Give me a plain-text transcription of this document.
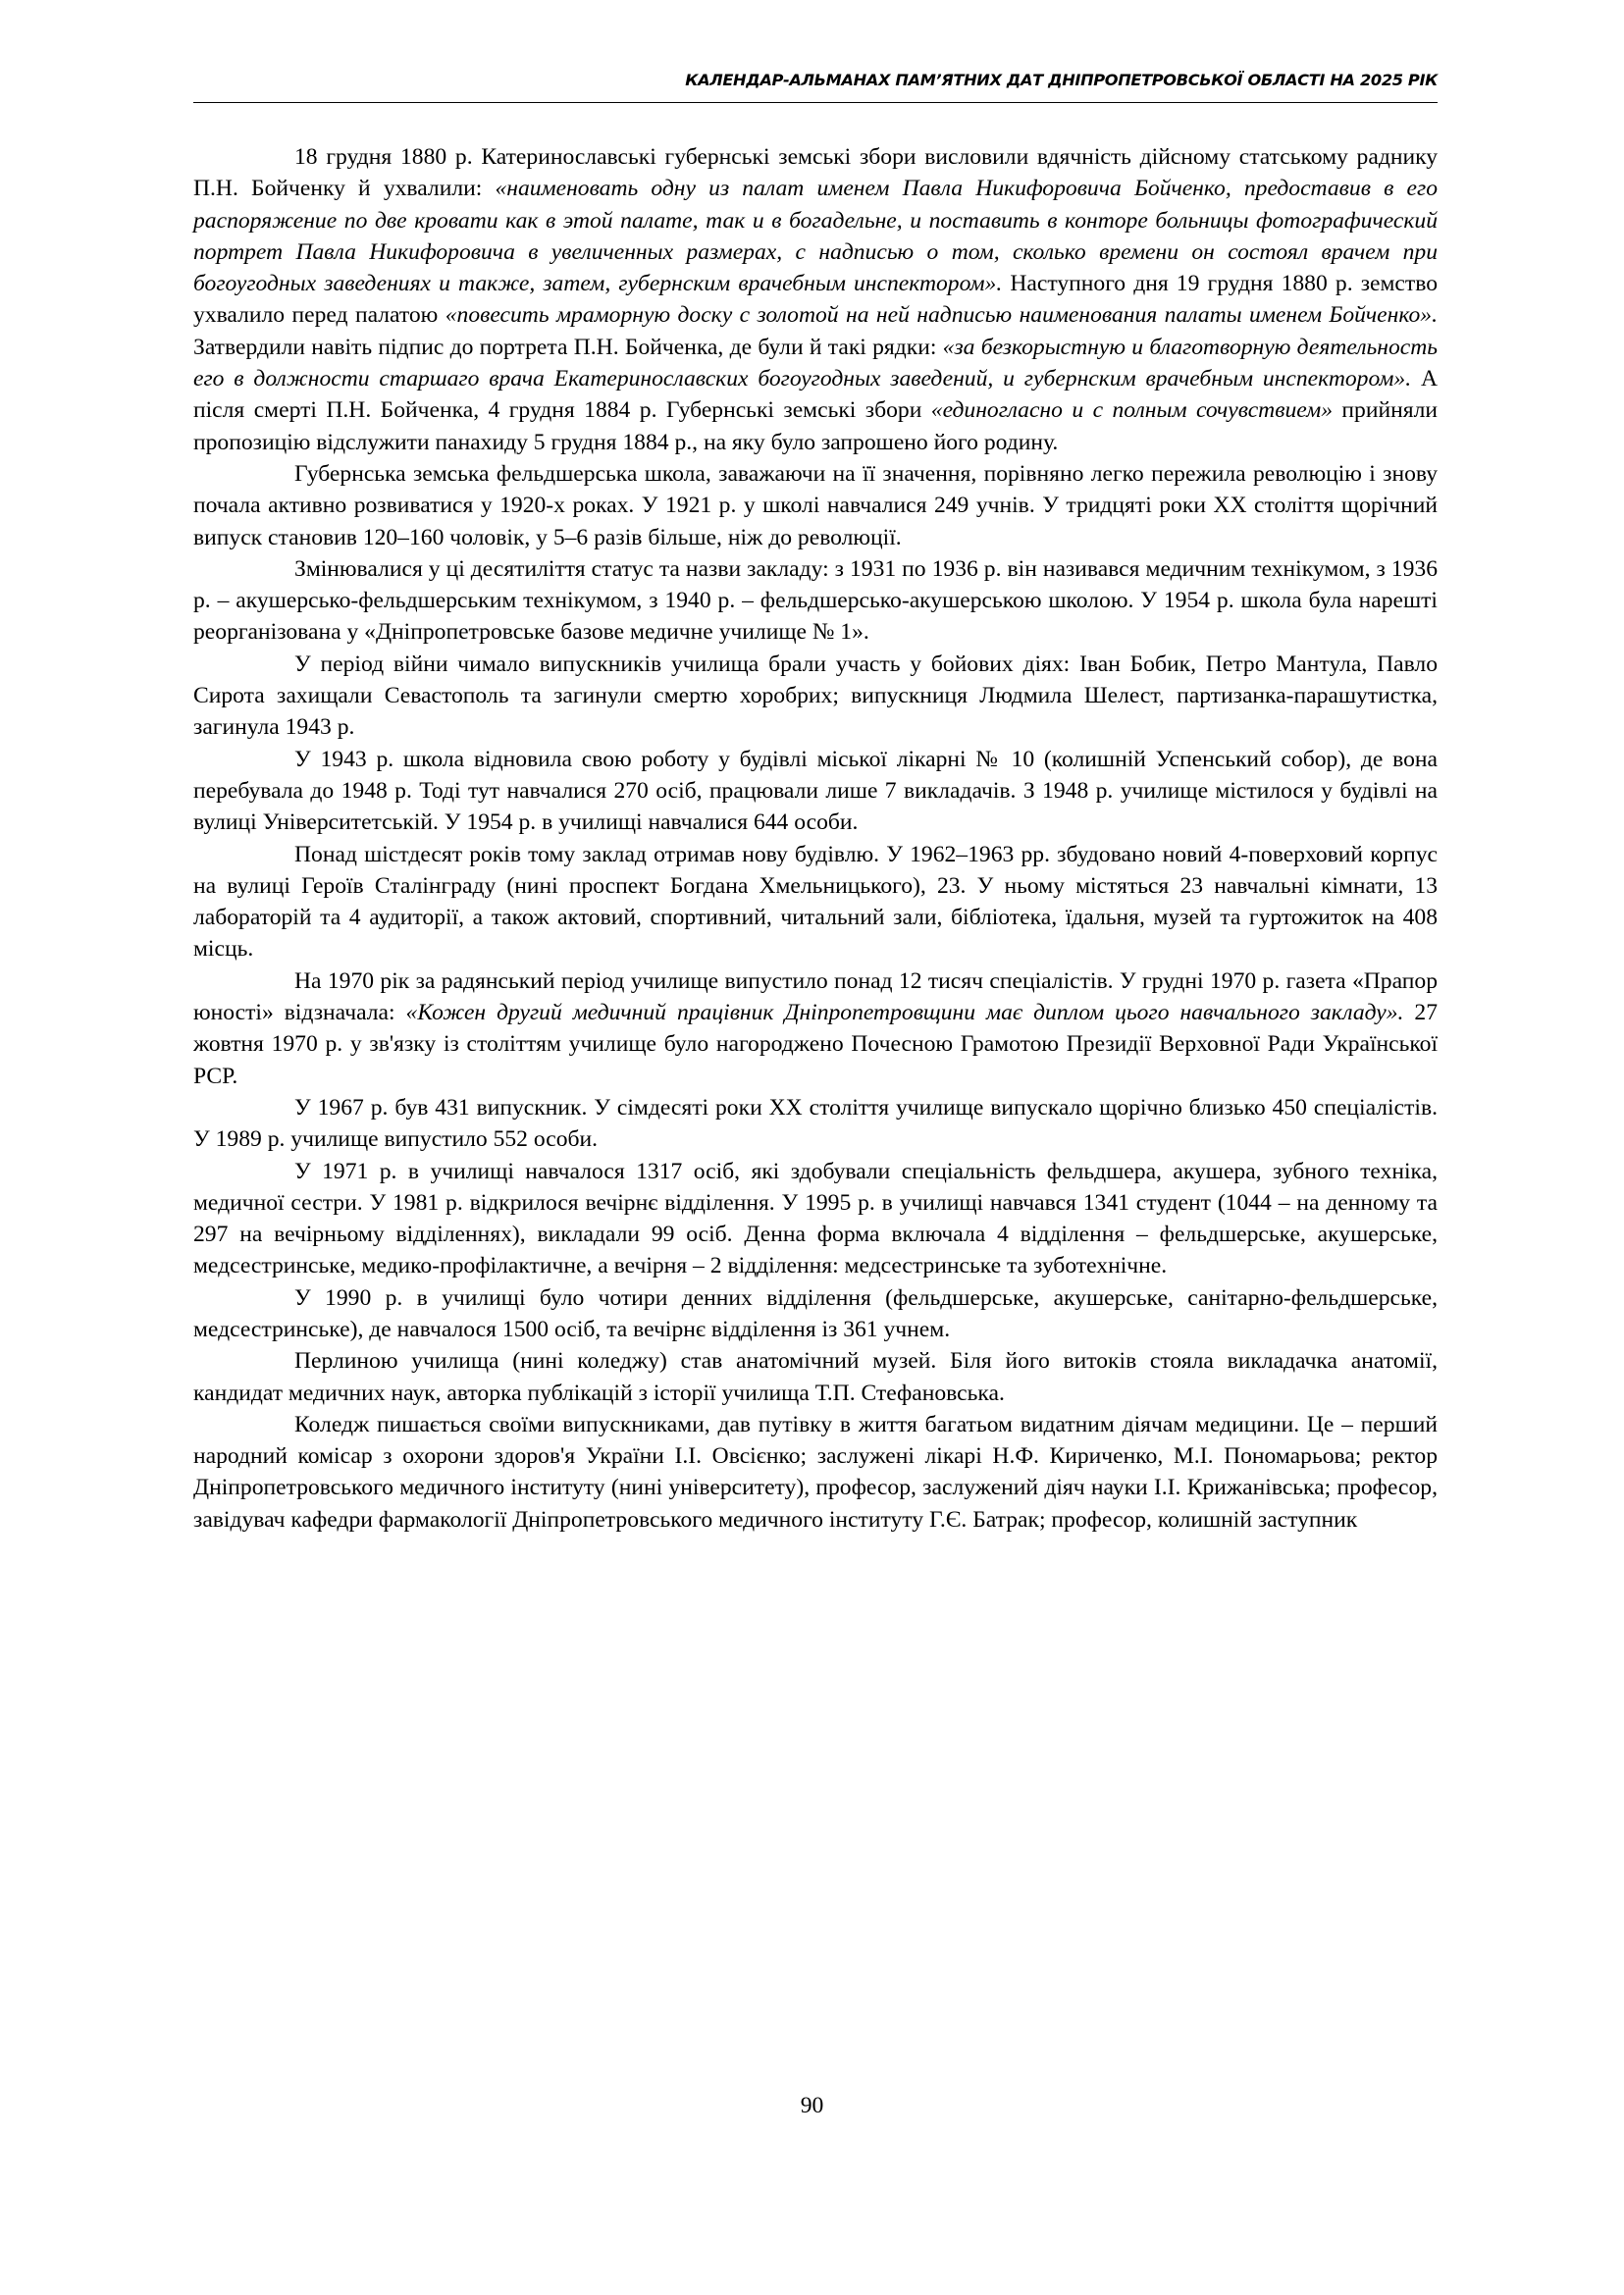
КАЛЕНДАР-АЛЬМАНАХ ПАМ’ЯТНИХ ДАТ ДНІПРОПЕТРОВСЬКОЇ ОБЛАСТІ НА 2025 РІК

18 грудня 1880 р. Катеринославські губернські земські збори висловили вдячність дійсному статському раднику П.Н. Бойченку й ухвалили: «наименовать одну из палат именем Павла Никифоровича Бойченко, предоставив в его распоряжение по две кровати как в этой палате, так и в богадельне, и поставить в конторе больницы фотографический портрет Павла Никифоровича в увеличенных размерах, с надписью о том, сколько времени он состоял врачем при богоугодных заведениях и также, затем, губернским врачебным инспектором». Наступного дня 19 грудня 1880 р. земство ухвалило перед палатою «повесить мраморную доску с золотой на ней надписью наименования палаты именем Бойченко». Затвердили навіть підпис до портрета П.Н. Бойченка, де були й такі рядки: «за безкорыстную и благотворную деятельность его в должности старшаго врача Екатеринославских богоугодных заведений, и губернским врачебным инспектором». А після смерті П.Н. Бойченка, 4 грудня 1884 р. Губернські земські збори «единогласно и с полным сочувствием» прийняли пропозицію відслужити панахиду 5 грудня 1884 р., на яку було запрошено його родину.

Губернська земська фельдшерська школа, заважаючи на її значення, порівняно легко пережила революцію і знову почала активно розвиватися у 1920-х роках. У 1921 р. у школі навчалися 249 учнів. У тридцяті роки XX століття щорічний випуск становив 120–160 чоловік, у 5–6 разів більше, ніж до революції.

Змінювалися у ці десятиліття статус та назви закладу: з 1931 по 1936 р. він називався медичним технікумом, з 1936 р. – акушерсько-фельдшерським технікумом, з 1940 р. – фельдшерсько-акушерською школою. У 1954 р. школа була нарешті реорганізована у «Дніпропетровське базове медичне училище № 1».

У період війни чимало випускників училища брали участь у бойових діях: Іван Бобик, Петро Мантула, Павло Сирота захищали Севастополь та загинули смертю хоробрих; випускниця Людмила Шелест, партизанка-парашутистка, загинула 1943 р.

У 1943 р. школа відновила свою роботу у будівлі міської лікарні № 10 (колишній Успенський собор), де вона перебувала до 1948 р. Тоді тут навчалися 270 осіб, працювали лише 7 викладачів. З 1948 р. училище містилося у будівлі на вулиці Університетській. У 1954 р. в училищі навчалися 644 особи.

Понад шістдесят років тому заклад отримав нову будівлю. У 1962–1963 рр. збудовано новий 4-поверховий корпус на вулиці Героїв Сталінграду (нині проспект Богдана Хмельницького), 23. У ньому містяться 23 навчальні кімнати, 13 лабораторій та 4 аудиторії, а також актовий, спортивний, читальний зали, бібліотека, їдальня, музей та гуртожиток на 408 місць.

На 1970 рік за радянський період училище випустило понад 12 тисяч спеціалістів. У грудні 1970 р. газета «Прапор юності» відзначала: «Кожен другий медичний працівник Дніпропетровщини має диплом цього навчального закладу». 27 жовтня 1970 р. у зв'язку із століттям училище було нагороджено Почесною Грамотою Президії Верховної Ради Української РСР.

У 1967 р. був 431 випускник. У сімдесяті роки XX століття училище випускало щорічно близько 450 спеціалістів. У 1989 р. училище випустило 552 особи.

У 1971 р. в училищі навчалося 1317 осіб, які здобували спеціальність фельдшера, акушера, зубного техніка, медичної сестри. У 1981 р. відкрилося вечірнє відділення. У 1995 р. в училищі навчався 1341 студент (1044 – на денному та 297 на вечірньому відділеннях), викладали 99 осіб. Денна форма включала 4 відділення – фельдшерське, акушерське, медсестринське, медико-профілактичне, а вечірня – 2 відділення: медсестринське та зуботехнічне.

У 1990 р. в училищі було чотири денних відділення (фельдшерське, акушерське, санітарно-фельдшерське, медсестринське), де навчалося 1500 осіб, та вечірнє відділення із 361 учнем.

Перлиною училища (нині коледжу) став анатомічний музей. Біля його витоків стояла викладачка анатомії, кандидат медичних наук, авторка публікацій з історії училища Т.П. Стефановська.

Коледж пишається своїми випускниками, дав путівку в життя багатьом видатним діячам медицини. Це – перший народний комісар з охорони здоров'я України І.І. Овсієнко; заслужені лікарі Н.Ф. Кириченко, М.І. Пономарьова; ректор Дніпропетровського медичного інституту (нині університету), професор, заслужений діяч науки І.І. Крижанівська; професор, завідувач кафедри фармакології Дніпропетровського медичного інституту Г.Є. Батрак; професор, колишній заступник

90
